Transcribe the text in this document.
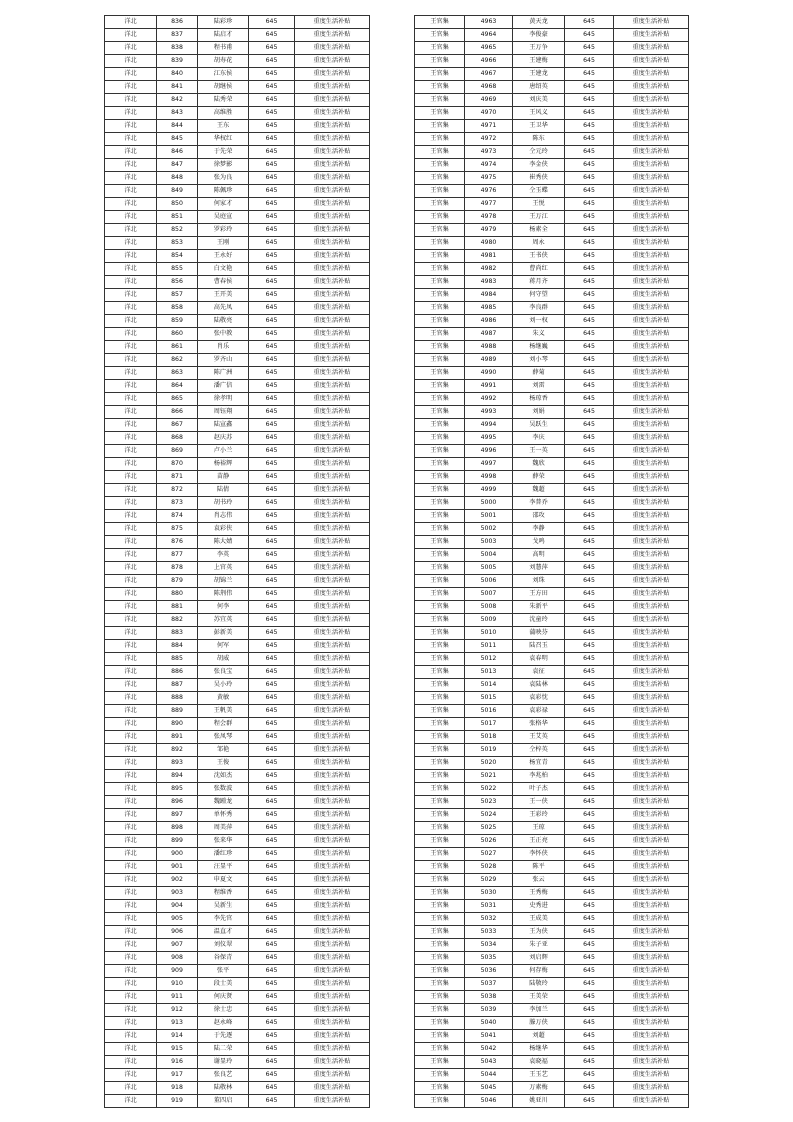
洋北	836	陆彩珍	645	重度生活补贴
洋北	837	陆启才	645	重度生活补贴
洋北	838	程书甫	645	重度生活补贴
洋北	839	胡寿花	645	重度生活补贴
洋北	840	江东侯	645	重度生活补贴
洋北	841	胡继侯	645	重度生活补贴
洋北	842	陆秀荣	645	重度生活补贴
洋北	843	高维胜	645	重度生活补贴
洋北	844	王东	645	重度生活补贴
洋北	845	华权红	645	重度生活补贴
洋北	846	于先荣	645	重度生活补贴
洋北	847	徐梦影	645	重度生活补贴
洋北	848	张为良	645	重度生活补贴
洋北	849	陈佩珍	645	重度生活补贴
洋北	850	何家才	645	重度生活补贴
洋北	851	吴庭宣	645	重度生活补贴
洋北	852	罗彩玲	645	重度生活补贴
洋北	853	王刚	645	重度生活补贴
洋北	854	王永好	645	重度生活补贴
洋北	855	白文艳	645	重度生活补贴
洋北	856	曹春侯	645	重度生活补贴
洋北	857	王开美	645	重度生活补贴
洋北	858	高先凤	645	重度生活补贴
洋北	859	陆敬亮	645	重度生活补贴
洋北	860	张中教	645	重度生活补贴
洋北	861	肖乐	645	重度生活补贴
洋北	862	罗齐山	645	重度生活补贴
洋北	863	陈广洲	645	重度生活补贴
洋北	864	潘广信	645	重度生活补贴
洋北	865	徐孝明	645	重度生活补贴
洋北	866	周钰翔	645	重度生活补贴
洋北	867	陆宣鑫	645	重度生活补贴
洋北	868	赵庆苏	645	重度生活补贴
洋北	869	卢小兰	645	重度生活补贴
洋北	870	杨裕辉	645	重度生活补贴
洋北	871	苗静	645	重度生活补贴
洋北	872	陆倩	645	重度生活补贴
洋北	873	胡书玲	645	重度生活补贴
洋北	874	肖志伟	645	重度生活补贴
洋北	875	袁彩侠	645	重度生活补贴
洋北	876	陈大婧	645	重度生活补贴
洋北	877	李英	645	重度生活补贴
洋北	878	上官英	645	重度生活补贴
洋北	879	胡锦兰	645	重度生活补贴
洋北	880	陈荆伟	645	重度生活补贴
洋北	881	何李	645	重度生活补贴
洋北	882	苏宜英	645	重度生活补贴
洋北	883	彭新美	645	重度生活补贴
洋北	884	何军	645	重度生活补贴
洋北	885	胡威	645	重度生活补贴
洋北	886	张良宝	645	重度生活补贴
洋北	887	吴小玲	645	重度生活补贴
洋北	888	黄敏	645	重度生活补贴
洋北	889	王帆美	645	重度生活补贴
洋北	890	程会群	645	重度生活补贴
洋北	891	张凤琴	645	重度生活补贴
洋北	892	邹艳	645	重度生活补贴
洋北	893	王俊	645	重度生活补贴
洋北	894	沈如杰	645	重度生活补贴
洋北	895	张数波	645	重度生活补贴
洋北	896	魏踵龙	645	重度生活补贴
洋北	897	单怀秀	645	重度生活补贴
洋北	898	周美萍	645	重度生活补贴
洋北	899	张来华	645	重度生活补贴
洋北	900	潘红珍	645	重度生活补贴
洋北	901	汪显平	645	重度生活补贴
洋北	902	申夏文	645	重度生活补贴
洋北	903	程维香	645	重度生活补贴
洋北	904	吴新生	645	重度生活补贴
洋北	905	李先官	645	重度生活补贴
洋北	906	温直才	645	重度生活补贴
洋北	907	刘仪翠	645	重度生活补贴
洋北	908	谷保青	645	重度生活补贴
洋北	909	张平	645	重度生活补贴
洋北	910	段士美	645	重度生活补贴
洋北	911	何庆贤	645	重度生活补贴
洋北	912	徐士忠	645	重度生活补贴
洋北	913	赵永峰	645	重度生活补贴
洋北	914	于先逐	645	重度生活补贴
洋北	915	陆二荣	645	重度生活补贴
洋北	916	谢显玲	645	重度生活补贴
洋北	917	张良艺	645	重度生活补贴
洋北	918	陆敬林	645	重度生活补贴
洋北	919	董四启	645	重度生活补贴
王官集	4963	黄天龙	645	重度生活补贴
王官集	4964	李俊豪	645	重度生活补贴
王官集	4965	王万争	645	重度生活补贴
王官集	4966	王建梅	645	重度生活补贴
王官集	4967	王建龙	645	重度生活补贴
王官集	4968	唐绍英	645	重度生活补贴
王官集	4969	刘庆美	645	重度生活补贴
王官集	4970	王风义	645	重度生活补贴
王官集	4971	王卫华	645	重度生活补贴
王官集	4972	陈东	645	重度生活补贴
王官集	4973	仝元玲	645	重度生活补贴
王官集	4974	李金侠	645	重度生活补贴
王官集	4975	崔秀侠	645	重度生活补贴
王官集	4976	仝玉蝶	645	重度生活补贴
王官集	4977	王悦	645	重度生活补贴
王官集	4978	王万江	645	重度生活补贴
王官集	4979	杨素全	645	重度生活补贴
王官集	4980	周永	645	重度生活补贴
王官集	4981	王书侠	645	重度生活补贴
王官集	4982	曹尚红	645	重度生活补贴
王官集	4983	蒋月齐	645	重度生活补贴
王官集	4984	何守望	645	重度生活补贴
王官集	4985	李良群	645	重度生活补贴
王官集	4986	刘一权	645	重度生活补贴
王官集	4987	朱义	645	重度生活补贴
王官集	4988	杨继巍	645	重度生活补贴
王官集	4989	刘小琴	645	重度生活补贴
王官集	4990	薛菊	645	重度生活补贴
王官集	4991	刘雷	645	重度生活补贴
王官集	4992	杨琼香	645	重度生活补贴
王官集	4993	刘娟	645	重度生活补贴
王官集	4994	吴跃生	645	重度生活补贴
王官集	4995	李庆	645	重度生活补贴
王官集	4996	王一英	645	重度生活补贴
王官集	4997	魏欣	645	重度生活补贴
王官集	4998	薛荣	645	重度生活补贴
王官集	4999	魏超	645	重度生活补贴
王官集	5000	李普乔	645	重度生活补贴
王官集	5001	邵攻	645	重度生活补贴
王官集	5002	李静	645	重度生活补贴
王官集	5003	戈鸣	645	重度生活补贴
王官集	5004	高明	645	重度生活补贴
王官集	5005	刘慧萍	645	重度生活补贴
王官集	5006	刘珠	645	重度生活补贴
王官集	5007	王方田	645	重度生活补贴
王官集	5008	朱新平	645	重度生活补贴
王官集	5009	沈童玲	645	重度生活补贴
王官集	5010	蒲映芬	645	重度生活补贴
王官集	5011	陆召玉	645	重度生活补贴
王官集	5012	袁春明	645	重度生活补贴
王官集	5013	袁征	645	重度生活补贴
王官集	5014	袁陆林	645	重度生活补贴
王官集	5015	袁彩忱	645	重度生活补贴
王官集	5016	袁彩禄	645	重度生活补贴
王官集	5017	张格华	645	重度生活补贴
王官集	5018	王艾英	645	重度生活补贴
王官集	5019	仝梓英	645	重度生活补贴
王官集	5020	杨宜青	645	重度生活补贴
王官集	5021	李兆柏	645	重度生活补贴
王官集	5022	叶子杰	645	重度生活补贴
王官集	5023	王一侠	645	重度生活补贴
王官集	5024	王彩玲	645	重度生活补贴
王官集	5025	王琼	645	重度生活补贴
王官集	5026	王正亮	645	重度生活补贴
王官集	5027	李怀侠	645	重度生活补贴
王官集	5028	陈平	645	重度生活补贴
王官集	5029	张云	645	重度生活补贴
王官集	5030	王秀梅	645	重度生活补贴
王官集	5031	史秀进	645	重度生活补贴
王官集	5032	王成美	645	重度生活补贴
王官集	5033	王为侠	645	重度生活补贴
王官集	5034	朱子亚	645	重度生活补贴
王官集	5035	刘启辉	645	重度生活补贴
王官集	5036	何存梅	645	重度生活补贴
王官集	5037	陆敬玲	645	重度生活补贴
王官集	5038	王美荣	645	重度生活补贴
王官集	5039	李加兰	645	重度生活补贴
王官集	5040	滕万侠	645	重度生活补贴
王官集	5041	刘超	645	重度生活补贴
王官集	5042	杨继华	645	重度生活补贴
王官集	5043	袁晓福	645	重度生活补贴
王官集	5044	王玉艺	645	重度生活补贴
王官集	5045	万素梅	645	重度生活补贴
王官集	5046	姚亚川	645	重度生活补贴
